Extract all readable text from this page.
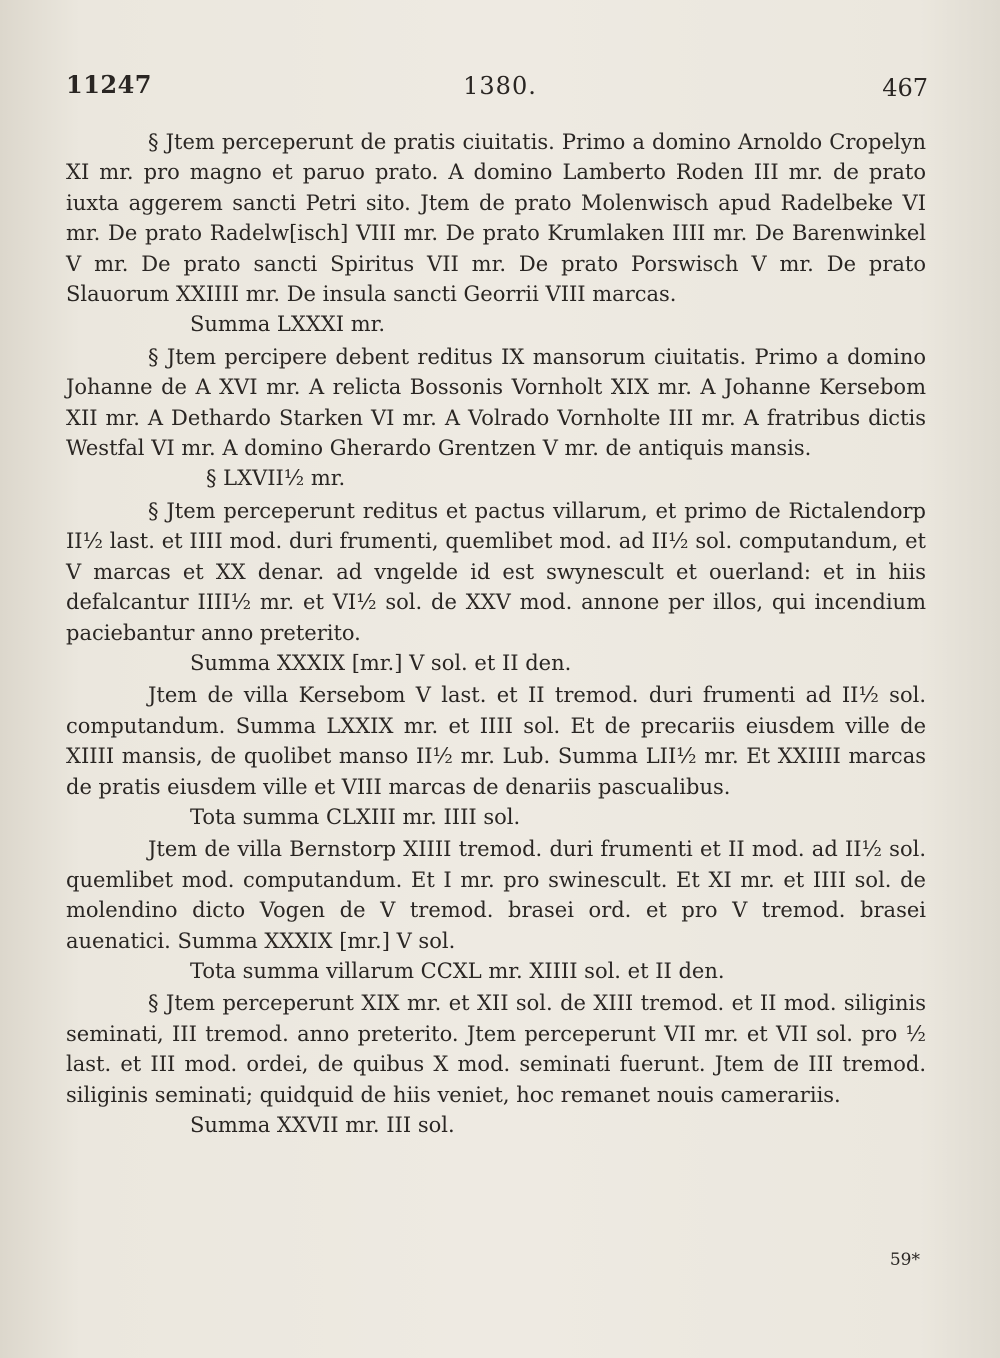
11247	1380.	467

§ Jtem perceperunt de pratis ciuitatis. Primo a domino Arnoldo Cropelyn XI mr. pro magno et paruo prato. A domino Lamberto Roden III mr. de prato iuxta aggerem sancti Petri sito. Jtem de prato Molenwisch apud Radelbeke VI mr. De prato Radelw[isch] VIII mr. De prato Krumlaken IIII mr. De Barenwinkel V mr. De prato sancti Spiritus VII mr. De prato Porswisch V mr. De prato Slauorum XXIIII mr. De insula sancti Georrii VIII marcas.

Summa LXXXI mr.

§ Jtem percipere debent reditus IX mansorum ciuitatis. Primo a domino Johanne de A XVI mr. A relicta Bossonis Vornholt XIX mr. A Johanne Kersebom XII mr. A Dethardo Starken VI mr. A Volrado Vornholte III mr. A fratribus dictis Westfal VI mr. A domino Gherardo Grentzen V mr. de antiquis mansis.

§ LXVII½ mr.

§ Jtem perceperunt reditus et pactus villarum, et primo de Rictalendorp II½ last. et IIII mod. duri frumenti, quemlibet mod. ad II½ sol. computandum, et V marcas et XX denar. ad vngelde id est swynescult et ouerland: et in hiis defalcantur IIII½ mr. et VI½ sol. de XXV mod. annone per illos, qui incendium paciebantur anno preterito.

Summa XXXIX [mr.] V sol. et II den.

Jtem de villa Kersebom V last. et II tremod. duri frumenti ad II½ sol. computandum. Summa LXXIX mr. et IIII sol. Et de precariis eiusdem ville de XIIII mansis, de quolibet manso II½ mr. Lub. Summa LII½ mr. Et XXIIII marcas de pratis eiusdem ville et VIII marcas de denariis pascualibus.

Tota summa CLXIII mr. IIII sol.

Jtem de villa Bernstorp XIIII tremod. duri frumenti et II mod. ad II½ sol. quemlibet mod. computandum. Et I mr. pro swinescult. Et XI mr. et IIII sol. de molendino dicto Vogen de V tremod. brasei ord. et pro V tremod. brasei auenatici. Summa XXXIX [mr.] V sol.

Tota summa villarum CCXL mr. XIIII sol. et II den.

§ Jtem perceperunt XIX mr. et XII sol. de XIII tremod. et II mod. siliginis seminati, III tremod. anno preterito. Jtem perceperunt VII mr. et VII sol. pro ½ last. et III mod. ordei, de quibus X mod. seminati fuerunt. Jtem de III tremod. siliginis seminati; quidquid de hiis veniet, hoc remanet nouis camerariis.

Summa XXVII mr. III sol.

59*
